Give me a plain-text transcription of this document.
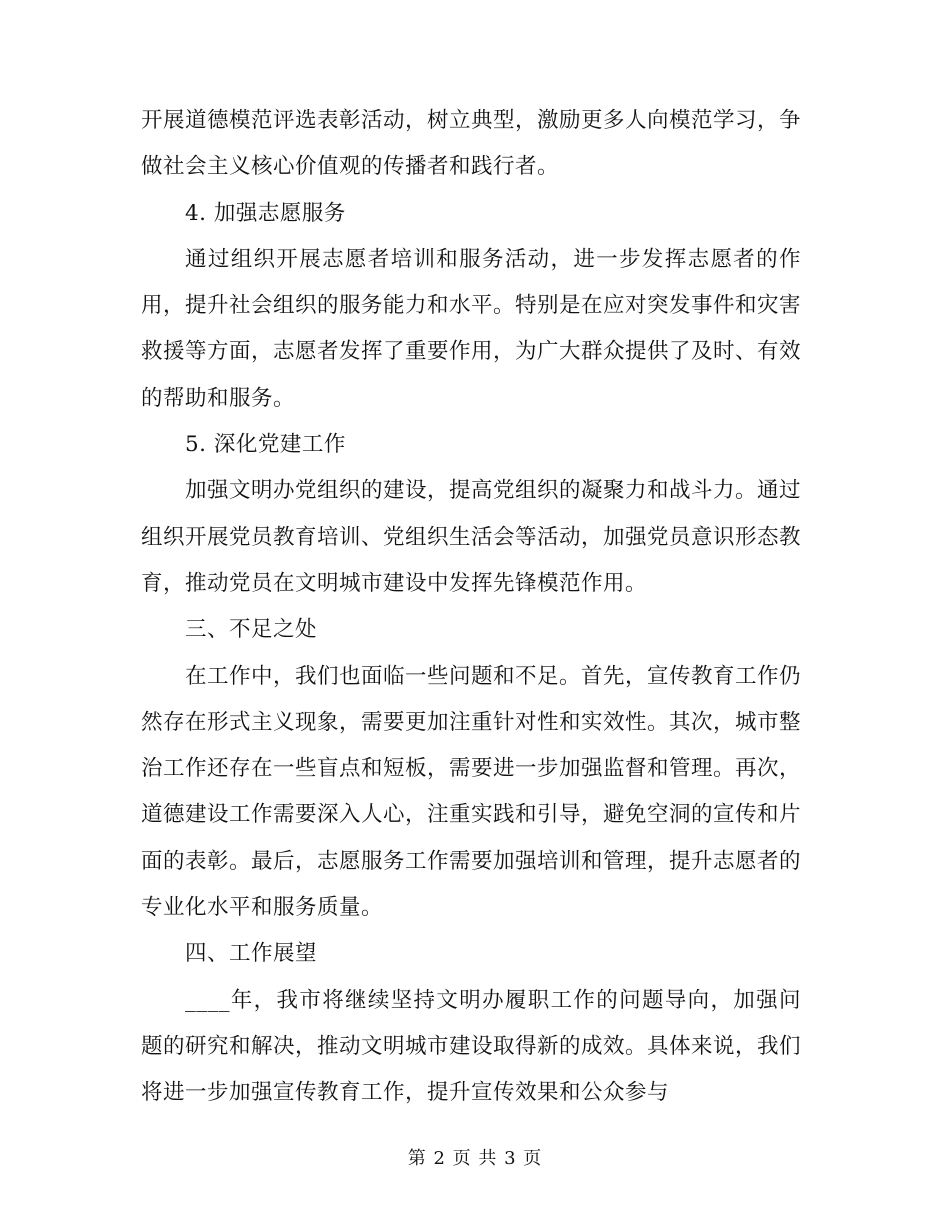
开展道德模范评选表彰活动，树立典型，激励更多人向模范学习，争做社会主义核心价值观的传播者和践行者。

4. 加强志愿服务

通过组织开展志愿者培训和服务活动，进一步发挥志愿者的作用，提升社会组织的服务能力和水平。特别是在应对突发事件和灾害救援等方面，志愿者发挥了重要作用，为广大群众提供了及时、有效的帮助和服务。

5. 深化党建工作

加强文明办党组织的建设，提高党组织的凝聚力和战斗力。通过组织开展党员教育培训、党组织生活会等活动，加强党员意识形态教育，推动党员在文明城市建设中发挥先锋模范作用。

三、不足之处

在工作中，我们也面临一些问题和不足。首先，宣传教育工作仍然存在形式主义现象，需要更加注重针对性和实效性。其次，城市整治工作还存在一些盲点和短板，需要进一步加强监督和管理。再次，道德建设工作需要深入人心，注重实践和引导，避免空洞的宣传和片面的表彰。最后，志愿服务工作需要加强培训和管理，提升志愿者的专业化水平和服务质量。

四、工作展望

____年，我市将继续坚持文明办履职工作的问题导向，加强问题的研究和解决，推动文明城市建设取得新的成效。具体来说，我们将进一步加强宣传教育工作，提升宣传效果和公众参与

第 2 页 共 3 页
